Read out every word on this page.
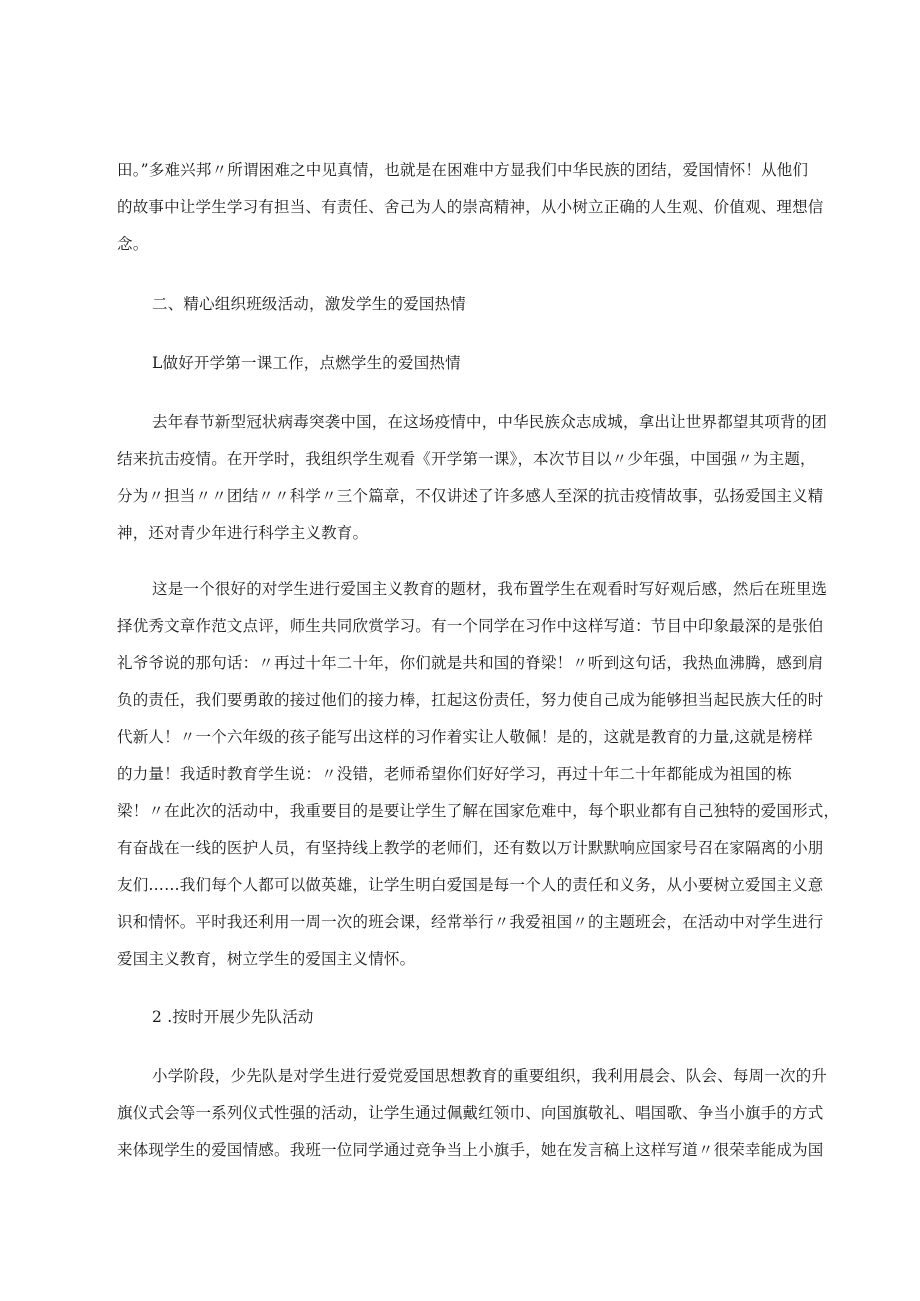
田。”多难兴邦〃所谓困难之中见真情，也就是在困难中方显我们中华民族的团结，爱国情怀！从他们
的故事中让学生学习有担当、有责任、舍己为人的崇高精神，从小树立正确的人生观、价值观、理想信
念。
二、精心组织班级活动，激发学生的爱国热情
L做好开学第一课工作，点燃学生的爱国热情
去年春节新型冠状病毒突袭中国，在这场疫情中，中华民族众志成城，拿出让世界都望其项背的团
结来抗击疫情。在开学时，我组织学生观看《开学第一课》，本次节目以〃少年强，中国强〃为主题，
分为〃担当〃〃团结〃〃科学〃三个篇章，不仅讲述了许多感人至深的抗击疫情故事，弘扬爱国主义精
神，还对青少年进行科学主义教育。
这是一个很好的对学生进行爱国主义教育的题材，我布置学生在观看时写好观后感，然后在班里选
择优秀文章作范文点评，师生共同欣赏学习。有一个同学在习作中这样写道：节目中印象最深的是张伯
礼爷爷说的那句话：〃再过十年二十年，你们就是共和国的脊梁！〃听到这句话，我热血沸腾，感到肩
负的责任，我们要勇敢的接过他们的接力棒，扛起这份责任，努力使自己成为能够担当起民族大任的时
代新人！〃一个六年级的孩子能写出这样的习作着实让人敬佩！是的，这就是教育的力量,这就是榜样
的力量！我适时教育学生说：〃没错，老师希望你们好好学习，再过十年二十年都能成为祖国的栋
梁！〃在此次的活动中，我重要目的是要让学生了解在国家危难中，每个职业都有自己独特的爱国形式，
有奋战在一线的医护人员，有坚持线上教学的老师们，还有数以万计默默响应国家号召在家隔离的小朋
友们……我们每个人都可以做英雄，让学生明白爱国是每一个人的责任和义务，从小要树立爱国主义意
识和情怀。平时我还利用一周一次的班会课，经常举行〃我爱祖国〃的主题班会，在活动中对学生进行
爱国主义教育，树立学生的爱国主义情怀。
2 .按时开展少先队活动
小学阶段，少先队是对学生进行爱党爱国思想教育的重要组织，我利用晨会、队会、每周一次的升
旗仪式会等一系列仪式性强的活动，让学生通过佩戴红领巾、向国旗敬礼、唱国歌、争当小旗手的方式
来体现学生的爱国情感。我班一位同学通过竞争当上小旗手，她在发言稿上这样写道〃很荣幸能成为国
